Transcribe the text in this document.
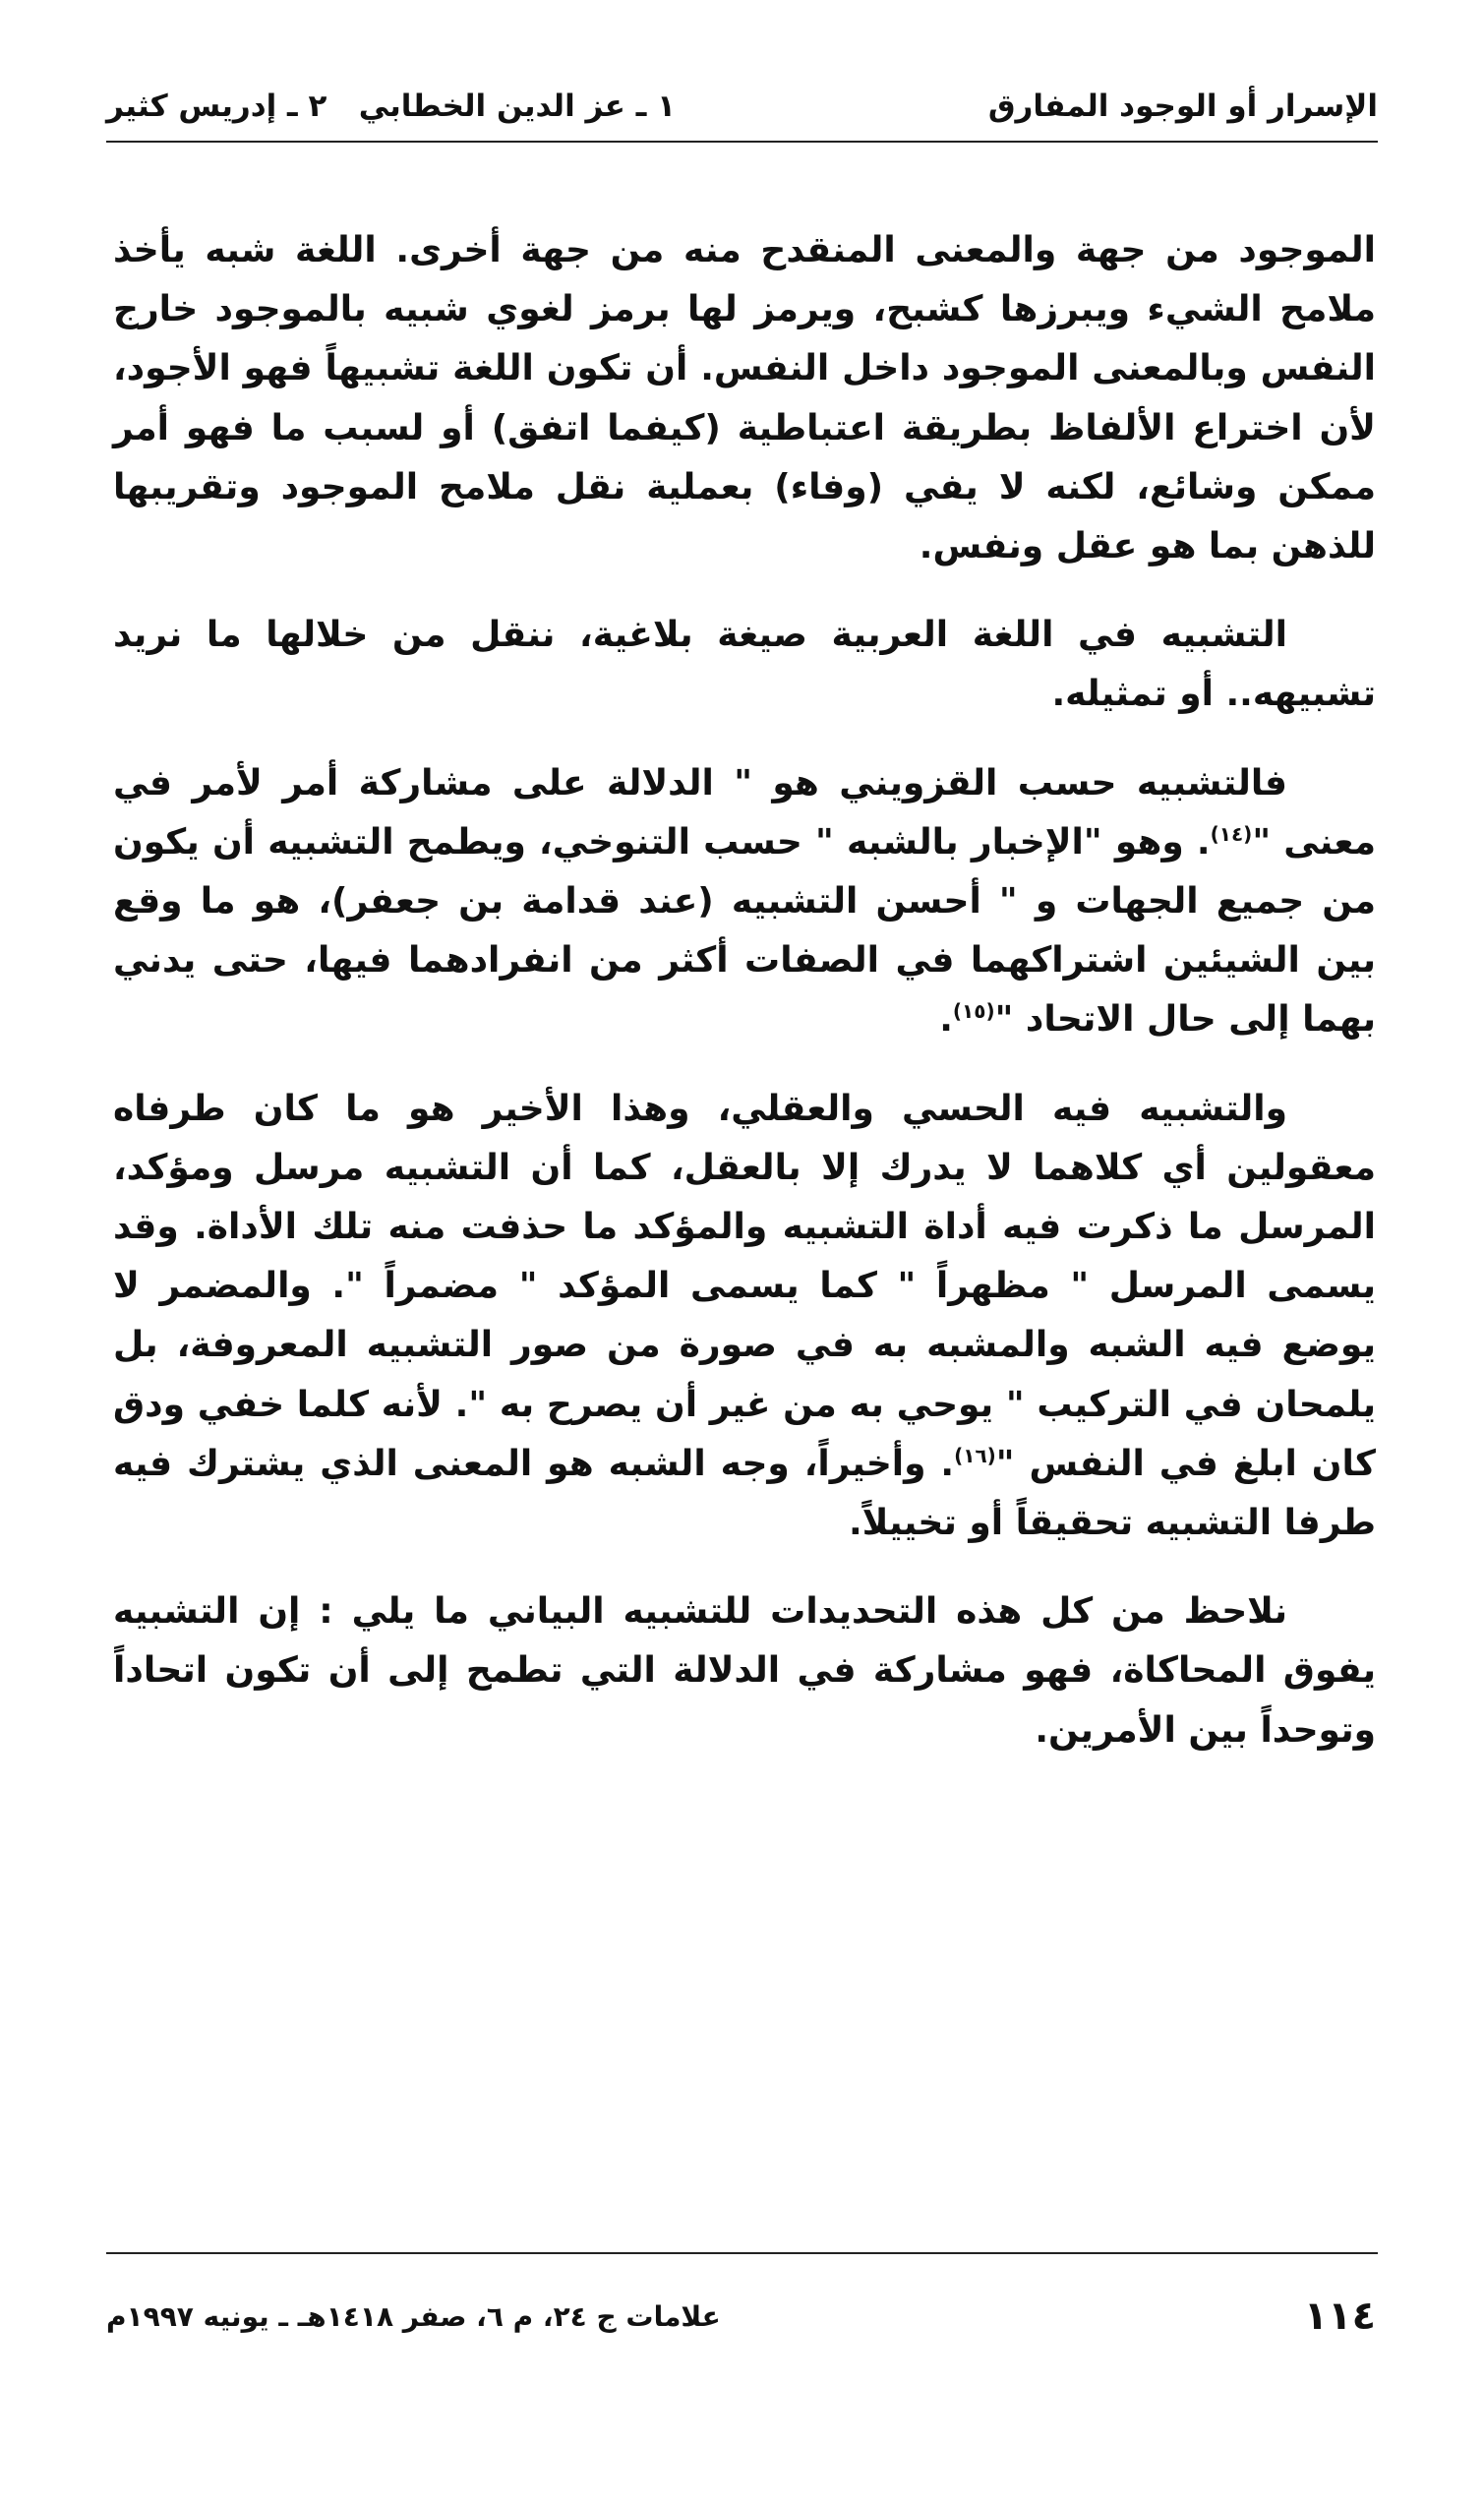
الإسرار أو الوجود المفارق
١ ـ عز الدين الخطابي   ٢ ـ إدريس كثير

الموجود من جهة والمعنى المنقدح منه من جهة أخرى. اللغة شبه يأخذ ملامح الشيء ويبرزها كشبح، ويرمز لها برمز لغوي شبيه بالموجود خارج النفس وبالمعنى الموجود داخل النفس. أن تكون اللغة تشبيهاً فهو الأجود، لأن اختراع الألفاظ بطريقة اعتباطية (كيفما اتفق) أو لسبب ما فهو أمر ممكن وشائع، لكنه لا يفي (وفاء) بعملية نقل ملامح الموجود وتقريبها للذهن بما هو عقل ونفس.

التشبيه في اللغة العربية صيغة بلاغية، ننقل من خلالها ما نريد تشبيهه.. أو تمثيله.

فالتشبيه حسب القزويني هو " الدلالة على مشاركة أمر لأمر في معنى "$^{(١٤)}$. وهو "الإخبار بالشبه " حسب التنوخي، ويطمح التشبيه أن يكون من جميع الجهات و " أحسن التشبيه (عند قدامة بن جعفر)، هو ما وقع بين الشيئين اشتراكهما في الصفات أكثر من انفرادهما فيها، حتى يدني بهما إلى حال الاتحاد "$^{(١٥)}$.

والتشبيه فيه الحسي والعقلي، وهذا الأخير هو ما كان طرفاه معقولين أي كلاهما لا يدرك إلا بالعقل، كما أن التشبيه مرسل ومؤكد، المرسل ما ذكرت فيه أداة التشبيه والمؤكد ما حذفت منه تلك الأداة. وقد يسمى المرسل " مظهراً " كما يسمى المؤكد " مضمراً ". والمضمر لا يوضع فيه الشبه والمشبه به في صورة من صور التشبيه المعروفة، بل يلمحان في التركيب " يوحي به من غير أن يصرح به ". لأنه كلما خفي ودق كان ابلغ في النفس "$^{(١٦)}$. وأخيراً، وجه الشبه هو المعنى الذي يشترك فيه طرفا التشبيه تحقيقاً أو تخييلاً.

نلاحظ من كل هذه التحديدات للتشبيه البياني ما يلي : إن التشبيه يفوق المحاكاة، فهو مشاركة في الدلالة التي تطمح إلى أن تكون اتحاداً وتوحداً بين الأمرين.

١١٤
علامات ج ٢٤، م ٦، صفر ١٤١٨هـ ـ يونيه ١٩٩٧م
